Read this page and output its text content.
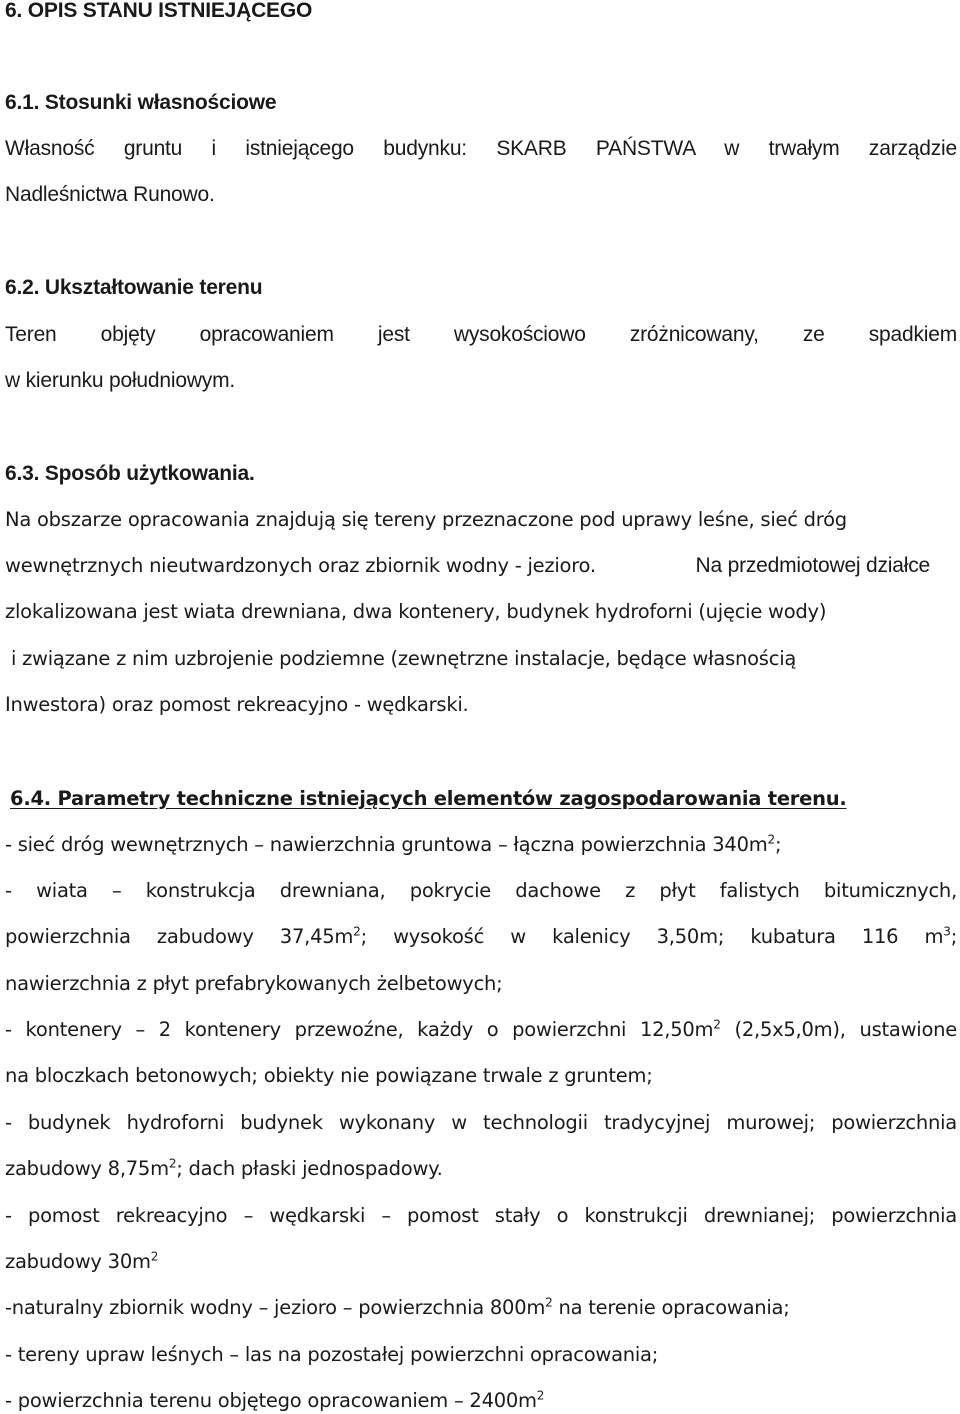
6. OPIS STANU ISTNIEJĄCEGO

6.1. Stosunki własnościowe

Własność gruntu i istniejącego budynku: SKARB PAŃSTWA w trwałym zarządzie

Nadleśnictwa Runowo.

6.2. Ukształtowanie terenu

Teren objęty opracowaniem jest wysokościowo zróżnicowany, ze spadkiem

w kierunku południowym.

6.3. Sposób użytkowania.

Na obszarze opracowania znajdują się tereny przeznaczone pod uprawy leśne, sieć dróg

wewnętrznych nieutwardzonych oraz zbiornik wodny - jezioro.	Na przedmiotowej działce

zlokalizowana jest wiata drewniana, dwa kontenery, budynek hydroforni (ujęcie wody)

i związane z nim uzbrojenie podziemne (zewnętrzne instalacje, będące własnością

Inwestora) oraz pomost rekreacyjno - wędkarski.

6.4. Parametry techniczne istniejących elementów zagospodarowania terenu.

- sieć dróg wewnętrznych – nawierzchnia gruntowa – łączna powierzchnia $340m^2$;

- wiata – konstrukcja drewniana, pokrycie dachowe z płyt falistych bitumicznych,

powierzchnia zabudowy $37,45m^2$; wysokość w kalenicy 3,50m; kubatura 116 $m^3$;

nawierzchnia z płyt prefabrykowanych żelbetowych;

- kontenery – 2 kontenery przewoźne, każdy o powierzchni $12,50m^2$ (2,5x5,0m), ustawione

na bloczkach betonowych; obiekty nie powiązane trwale z gruntem;

- budynek hydroforni budynek wykonany w technologii tradycyjnej murowej; powierzchnia

zabudowy $8,75m^2$; dach płaski jednospadowy.

- pomost rekreacyjno – wędkarski – pomost stały o konstrukcji drewnianej; powierzchnia

zabudowy $30m^2$

-naturalny zbiornik wodny – jezioro – powierzchnia $800m^2$ na terenie opracowania;

- tereny upraw leśnych – las na pozostałej powierzchni opracowania;

- powierzchnia terenu objętego opracowaniem – $2400m^2$
